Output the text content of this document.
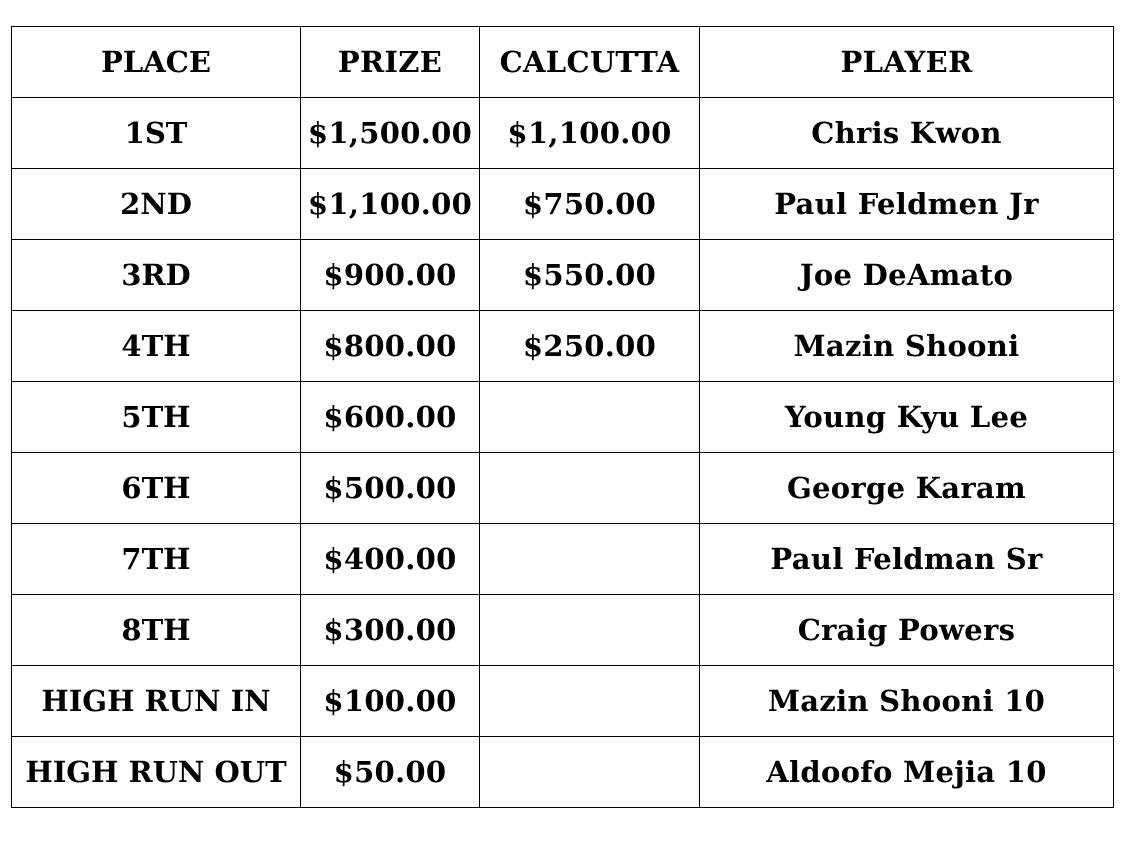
PLACE	PRIZE	CALCUTTA	PLAYER
1ST	$1,500.00	$1,100.00	Chris Kwon
2ND	$1,100.00	$750.00	Paul Feldmen Jr
3RD	$900.00	$550.00	Joe DeAmato
4TH	$800.00	$250.00	Mazin Shooni
5TH	$600.00		Young Kyu Lee
6TH	$500.00		George Karam
7TH	$400.00		Paul Feldman Sr
8TH	$300.00		Craig Powers
HIGH RUN IN	$100.00		Mazin Shooni 10
HIGH RUN OUT	$50.00		Aldoofo Mejia 10
